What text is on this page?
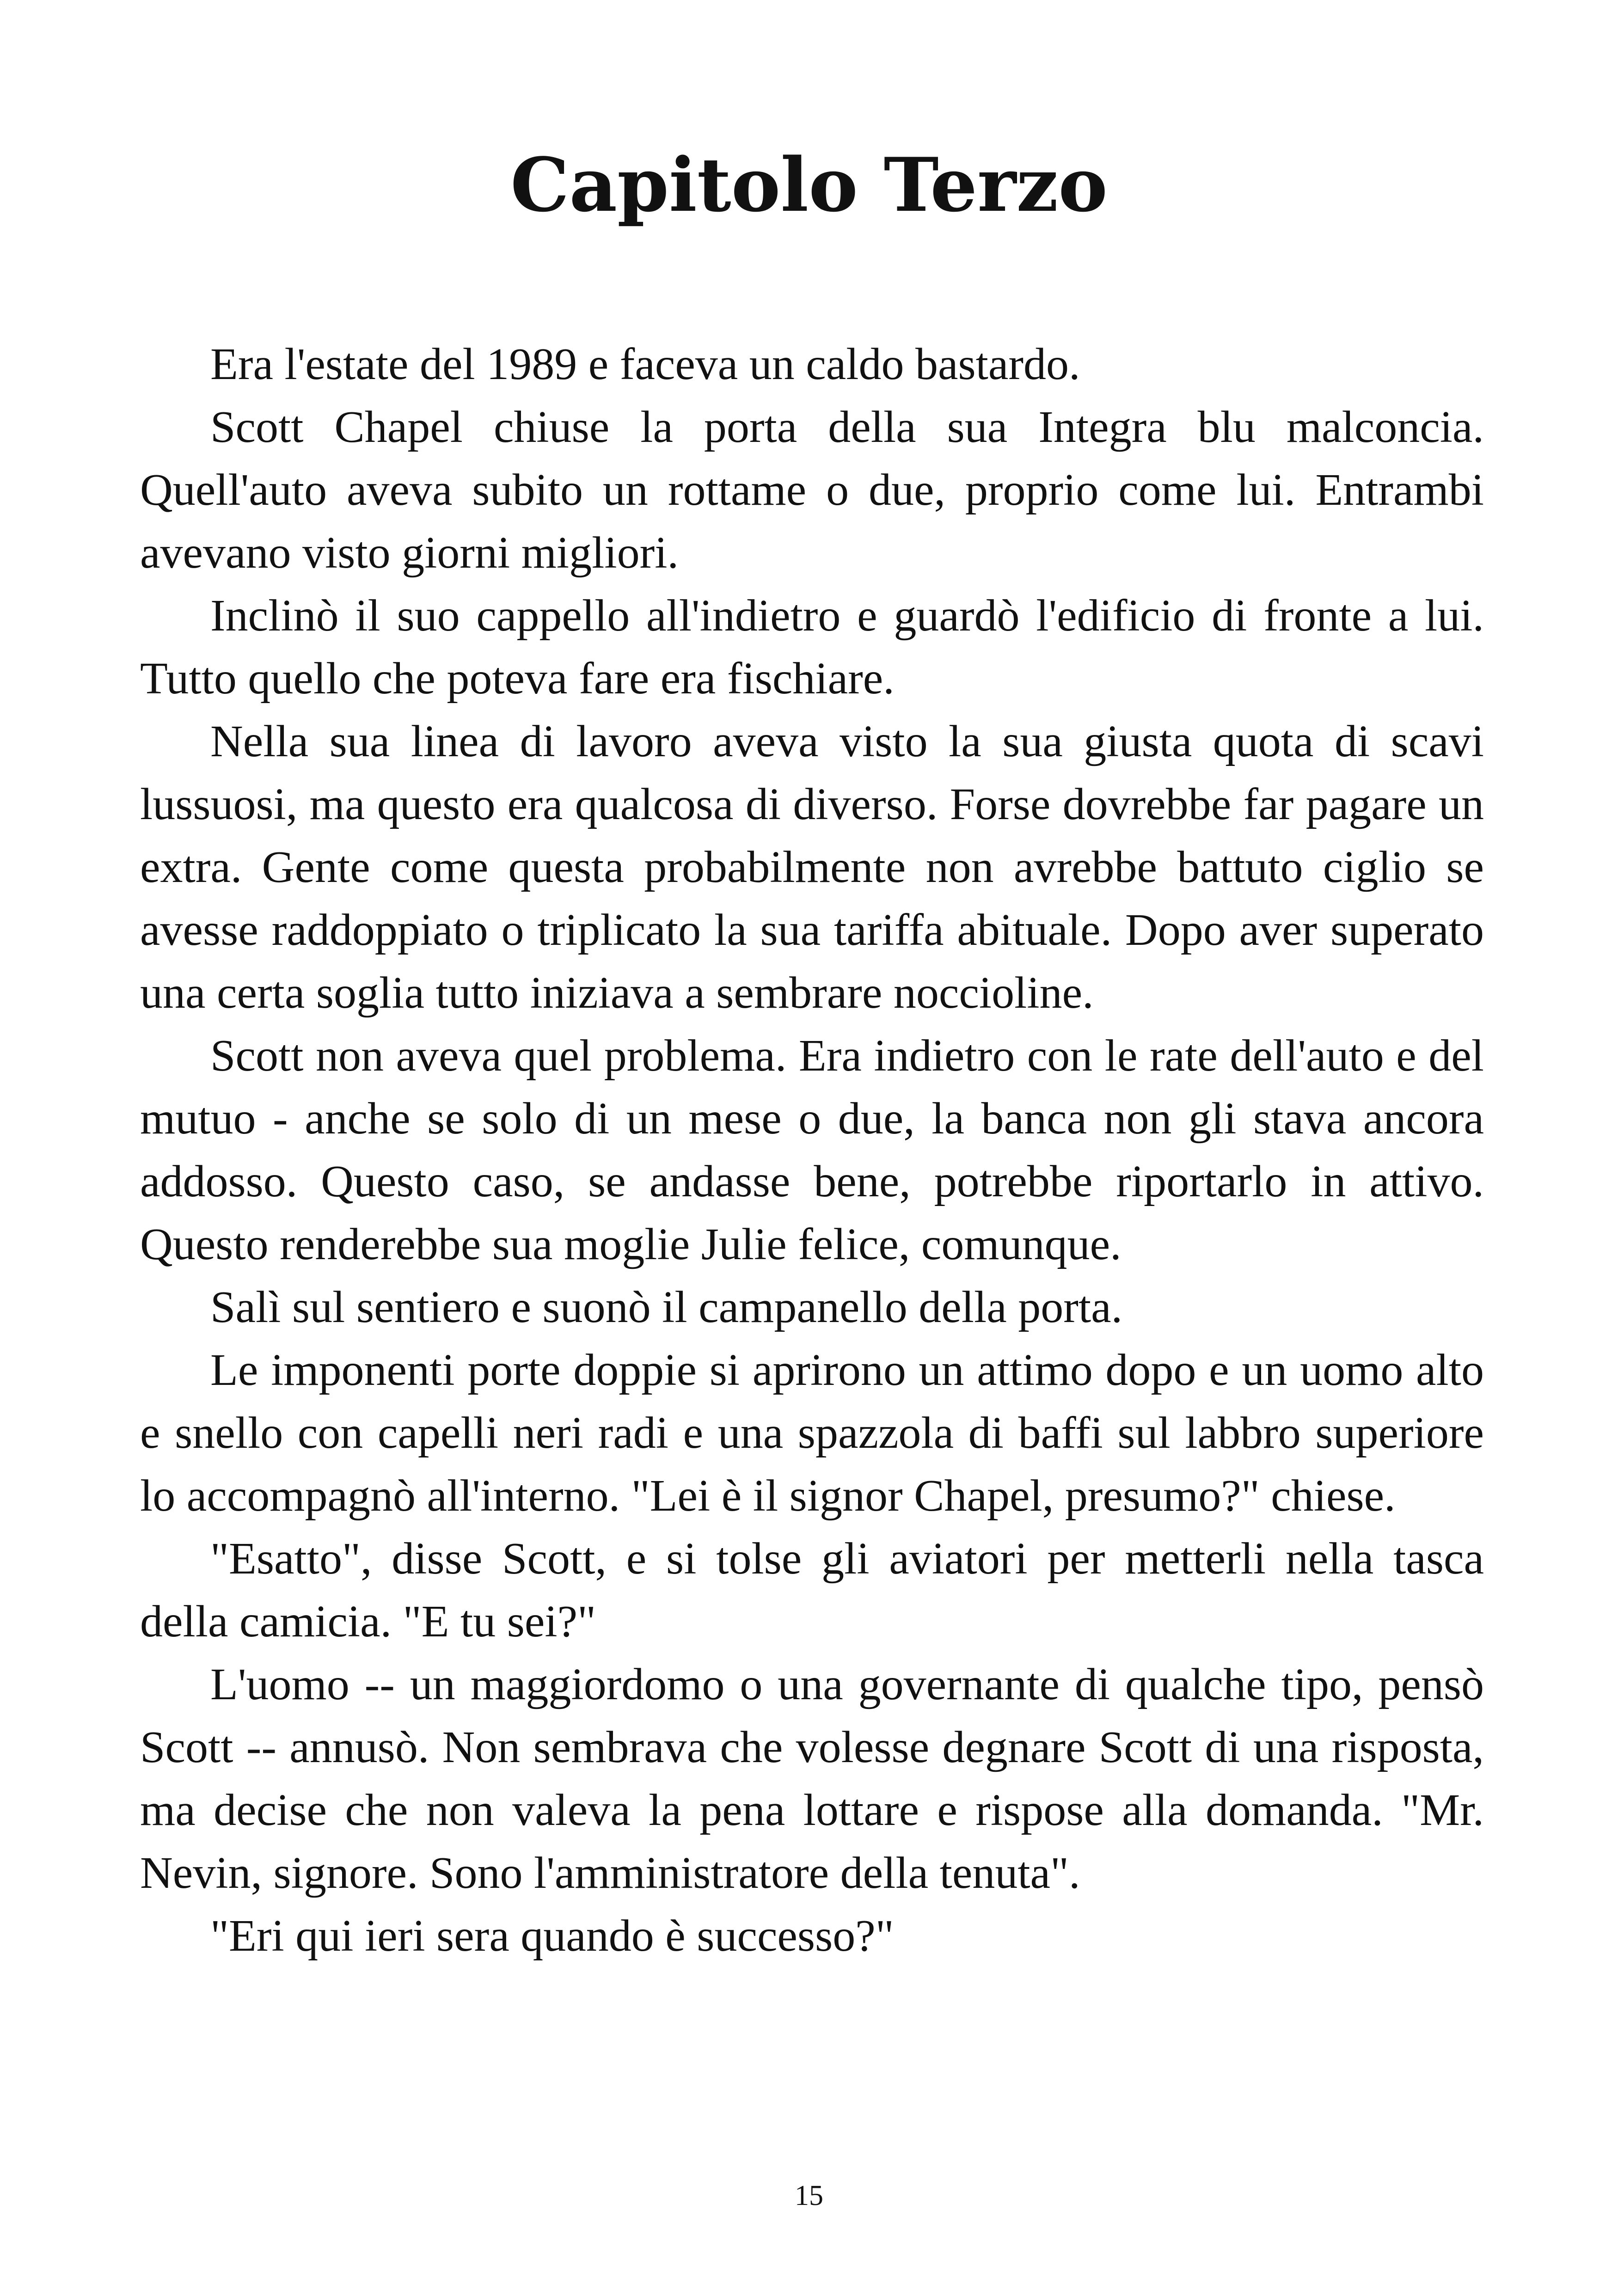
Capitolo Terzo

Era l'estate del 1989 e faceva un caldo bastardo.

Scott Chapel chiuse la porta della sua Integra blu malconcia. Quell'auto aveva subito un rottame o due, proprio come lui. Entrambi avevano visto giorni migliori.

Inclinò il suo cappello all'indietro e guardò l'edificio di fronte a lui. Tutto quello che poteva fare era fischiare.

Nella sua linea di lavoro aveva visto la sua giusta quota di scavi lussuosi, ma questo era qualcosa di diverso. Forse dovrebbe far pagare un extra. Gente come questa probabilmente non avrebbe battuto ciglio se avesse raddoppiato o triplicato la sua tariffa abituale. Dopo aver superato una certa soglia tutto iniziava a sembrare noccioline.

Scott non aveva quel problema. Era indietro con le rate dell'auto e del mutuo - anche se solo di un mese o due, la banca non gli stava ancora addosso. Questo caso, se andasse bene, potrebbe riportarlo in attivo. Questo renderebbe sua moglie Julie felice, comunque.

Salì sul sentiero e suonò il campanello della porta.

Le imponenti porte doppie si aprirono un attimo dopo e un uomo alto e snello con capelli neri radi e una spazzola di baffi sul labbro superiore lo accompagnò all'interno. "Lei è il signor Chapel, presumo?" chiese.

"Esatto", disse Scott, e si tolse gli aviatori per metterli nella tasca della camicia. "E tu sei?"

L'uomo -- un maggiordomo o una governante di qualche tipo, pensò Scott -- annusò. Non sembrava che volesse degnare Scott di una risposta, ma decise che non valeva la pena lottare e rispose alla domanda. "Mr. Nevin, signore. Sono l'amministratore della tenuta".

"Eri qui ieri sera quando è successo?"

15
